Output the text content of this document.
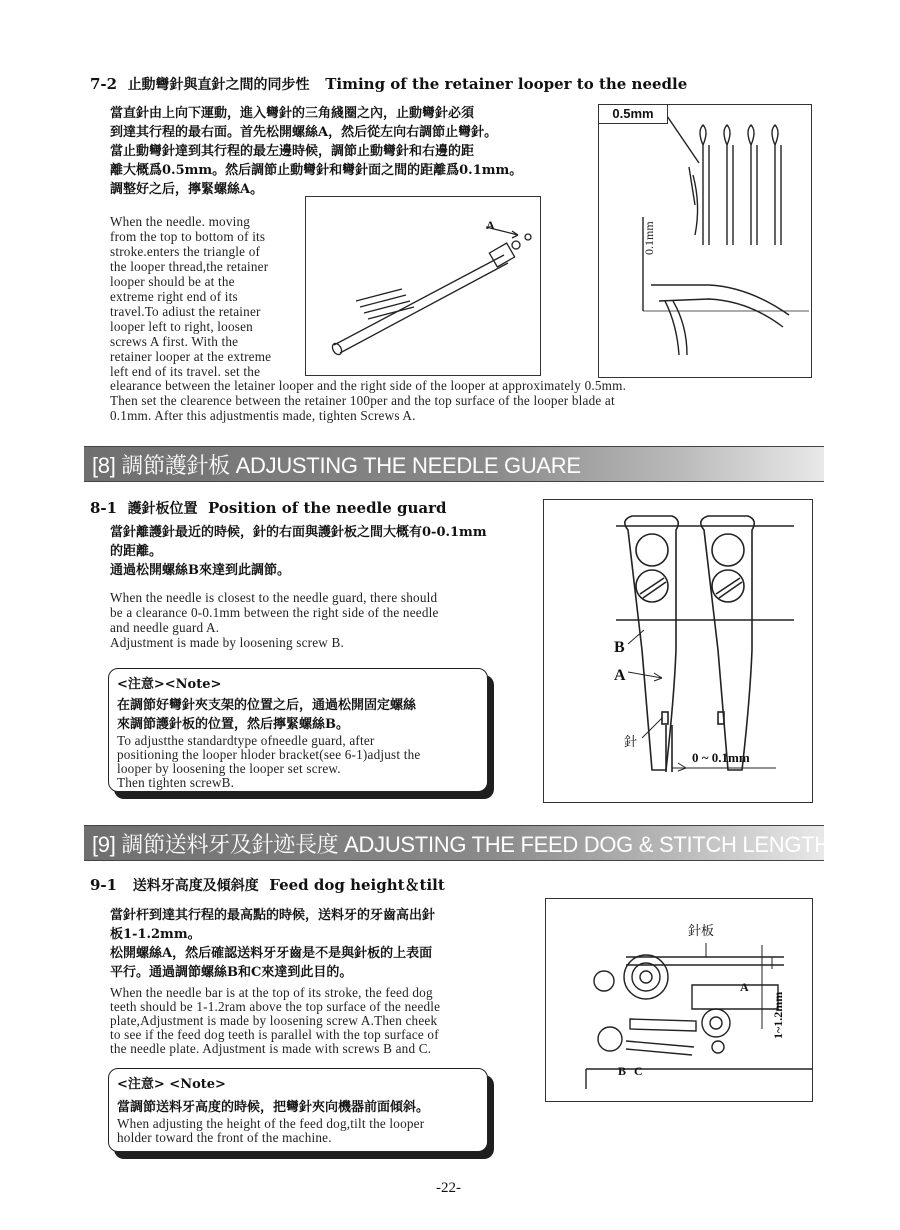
7-2 止動彎針與直針之間的同步性 Timing of the retainer looper to the needle
當直針由上向下運動，進入彎針的三角綫圈之內，止動彎針必須
到達其行程的最右面。首先松開螺絲A，然后從左向右調節止彎針。
當止動彎針達到其行程的最左邊時候，調節止動彎針和右邊的距
離大概爲0.5mm。然后調節止動彎針和彎針面之間的距離爲0.1mm。
調整好之后，擰緊螺絲A。
When the needle. moving
from the top to bottom of its
stroke.enters the triangle of
the looper thread,the retainer
looper should be at the
extreme right end of its
travel.To adiust the retainer
looper left to right, loosen
screws A first. With the
retainer looper at the extreme
left end of its travel. set the
elearance between the letainer looper and the right side of the looper at approximately 0.5mm.
Then set the clearence between the retainer 100per and the top surface of the looper blade at
0.1mm. After this adjustmentis made, tighten Screws A.
A
0.5mm
0.1mm
[8] 調節護針板 ADJUSTING THE NEEDLE GUARE
8-1 護針板位置 Position of the needle guard
當針離護針最近的時候，針的右面與護針板之間大概有0-0.1mm
的距離。
通過松開螺絲B來達到此調節。
When the needle is closest to the needle guard, there should
be a clearance 0-0.1mm between the right side of the needle
and needle guard A.
Adjustment is made by loosening screw B.
<注意><Note>
在調節好彎針夾支架的位置之后，通過松開固定螺絲
來調節護針板的位置，然后擰緊螺絲B。
To adjustthe standardtype ofneedle guard, after
positioning the looper hloder bracket(see 6-1)adjust the
looper by loosening the looper set screw.
Then tighten screwB.
B
A
針
0 ~ 0.1mm
[9] 調節送料牙及針迹長度 ADJUSTING THE FEED DOG & STITCH LENGTH
9-1 送料牙高度及傾斜度 Feed dog height＆tilt
當針杆到達其行程的最高點的時候，送料牙的牙齒高出針
板1-1.2mm。
松開螺絲A，然后確認送料牙牙齒是不是與針板的上表面
平行。通過調節螺絲B和C來達到此目的。
When the needle bar is at the top of its stroke, the feed dog
teeth should be 1-1.2ram above the top surface of the needle
plate,Adjustment is made by loosening screw A.Then cheek
to see if the feed dog teeth is parallel with the top surface of
the needle plate. Adjustment is made with screws B and C.
<注意> <Note>
當調節送料牙高度的時候，把彎針夾向機器前面傾斜。
When adjusting the height of the feed dog,tilt the looper
holder toward the front of the machine.
針板
A
B C
1~1.2mm
-22-
